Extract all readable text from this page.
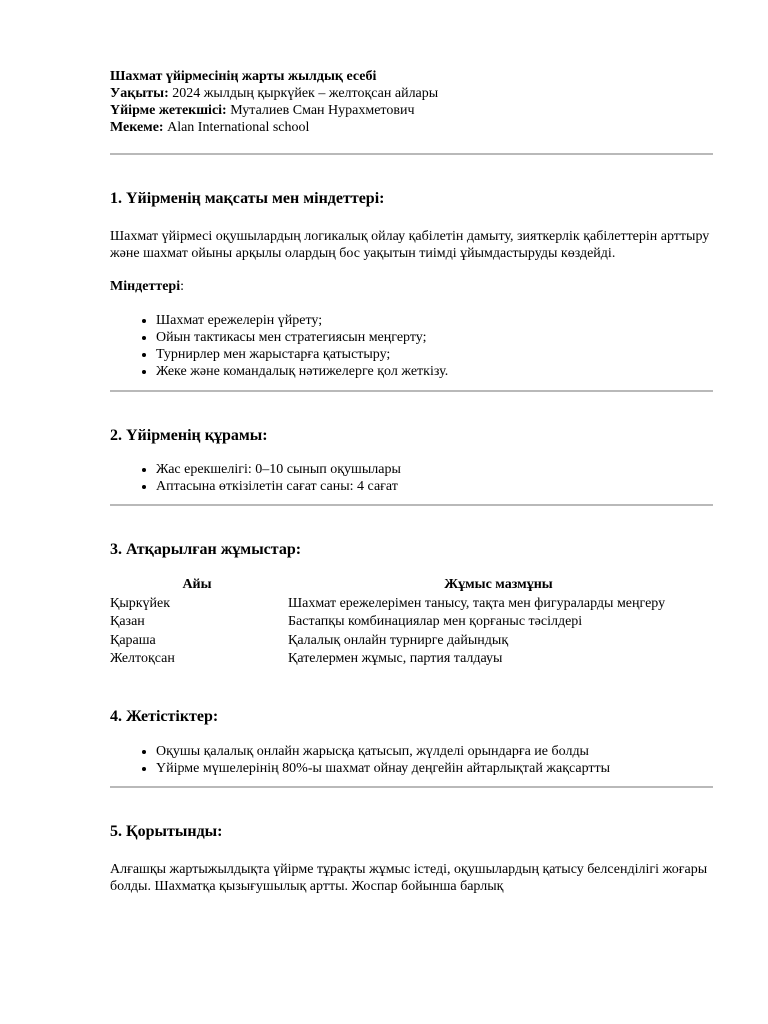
Шахмат үйірмесінің жарты жылдық есебі
Уақыты: 2024 жылдың қыркүйек – желтоқсан айлары
Үйірме жетекшісі: Муталиев Сман Нурахметович
Мекеме: Alan International school
1. Үйірменің мақсаты мен міндеттері:

Шахмат үйірмесі оқушылардың логикалық ойлау қабілетін дамыту, зияткерлік қабілеттерін арттыру және шахмат ойыны арқылы олардың бос уақытын тиімді ұйымдастыруды көздейді.

Міндеттері:

• Шахмат ережелерін үйрету;
• Ойын тактикасы мен стратегиясын меңгерту;
• Турнирлер мен жарыстарға қатыстыру;
• Жеке және командалық нәтижелерге қол жеткізу.
2. Үйірменің құрамы:
• Жас ерекшелігі: 0–10 сынып оқушылары
• Аптасына өткізілетін сағат саны: 4 сағат
3. Атқарылған жұмыстар:
Айы	Жұмыс мазмұны
Қыркүйек	Шахмат ережелерімен танысу, тақта мен фигураларды меңгеру
Қазан	Бастапқы комбинациялар мен қорғаныс тәсілдері
Қараша	Қалалық онлайн турнирге дайындық
Желтоқсан	Қателермен жұмыс, партия талдауы
4. Жетістіктер:
• Оқушы қалалық онлайн жарысқа қатысып, жүлделі орындарға ие болды
• Үйірме мүшелерінің 80%-ы шахмат ойнау деңгейін айтарлықтай жақсартты
5. Қорытынды:

Алғашқы жартыжылдықта үйірме тұрақты жұмыс істеді, оқушылардың қатысу белсенділігі жоғары болды. Шахматқа қызығушылық артты. Жоспар бойынша барлық
